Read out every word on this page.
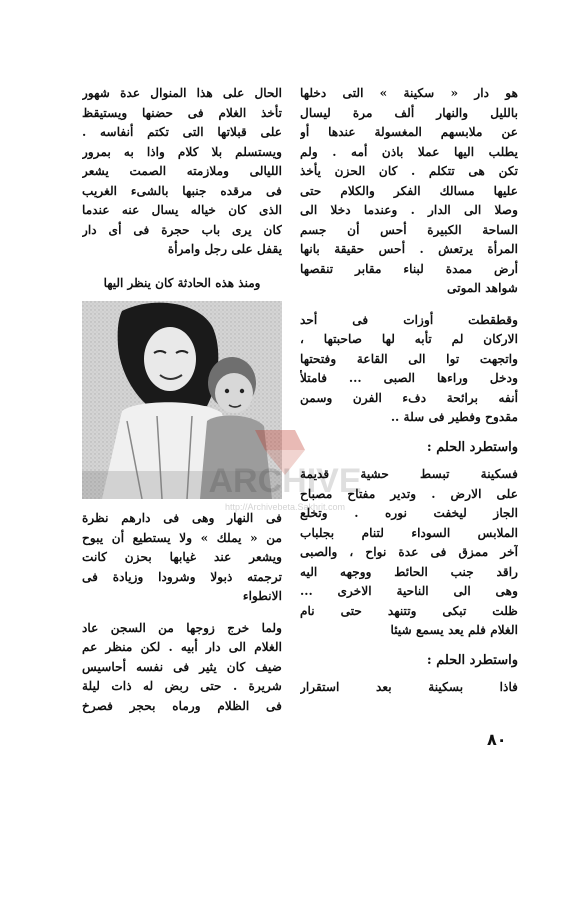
هو دار « سكينة » التى دخلها
بالليل والنهار ألف مرة ليسال
عن ملابسهم المغسولة عندها أو
يطلب اليها عملا باذن أمه . ولم
تكن هى تتكلم . كان الحزن يأخذ
عليها مسالك الفكر والكلام حتى
وصلا الى الدار . وعندما دخلا الى
الساحة الكبيرة أحس أن جسم
المرأة يرتعش . أحس حقيقة بانها
أرض ممدة لبناء مقابر تنقصها
شواهد الموتى
وقطقطت أوزات فى أحد
الاركان لم تأبه لها صاحبتها ،
واتجهت توا الى القاعة وفتحتها
ودخل وراءها الصبى ... فامتلأ
أنفه برائحة دفء الفرن وسمن
مقدوح وفطير فى سلة ..
واستطرد الحلم :
فسكينة تبسط حشية قديمة
على الارض . وتدير مفتاح مصباح
الجاز ليخفت نوره . وتخلع
الملابس السوداء لتنام بجلباب
آخر ممزق فى عدة نواح ، والصبى
راقد جنب الحائط ووجهه اليه
وهى الى الناحية الاخرى ...
ظلت تبكى وتتنهد حتى نام
الغلام فلم يعد يسمع شيئا
واستطرد الحلم :
فاذا بسكينة بعد استقرار
الحال على هذا المنوال عدة شهور
تأخذ الغلام فى حضنها ويستيقظ
على قبلاتها التى تكتم أنفاسه .
ويستسلم بلا كلام واذا به بمرور
الليالى وملازمته الصمت يشعر
فى مرقده جنبها بالشىء الغريب
الذى كان خياله يسال عنه عندما
كان يرى باب حجرة فى أى دار
يقفل على رجل وامرأة
ومنذ هذه الحادثة كان ينظر اليها
فى النهار وهى فى دارهم نظرة
من « يملك » ولا يستطيع أن يبوح
ويشعر عند غيابها بحزن كانت
ترجمته ذبولا وشرودا وزيادة فى
الانطواء
ولما خرج زوجها من السجن عاد
الغلام الى دار أبيه . لكن منظر عم
ضيف كان يثير فى نفسه أحاسيس
شريرة . حتى ربض له ذات ليلة
فى الظلام ورماه بحجر فصرخ
٨٠
ARCHIVE
http://Archivebeta.Sakhrit.com
